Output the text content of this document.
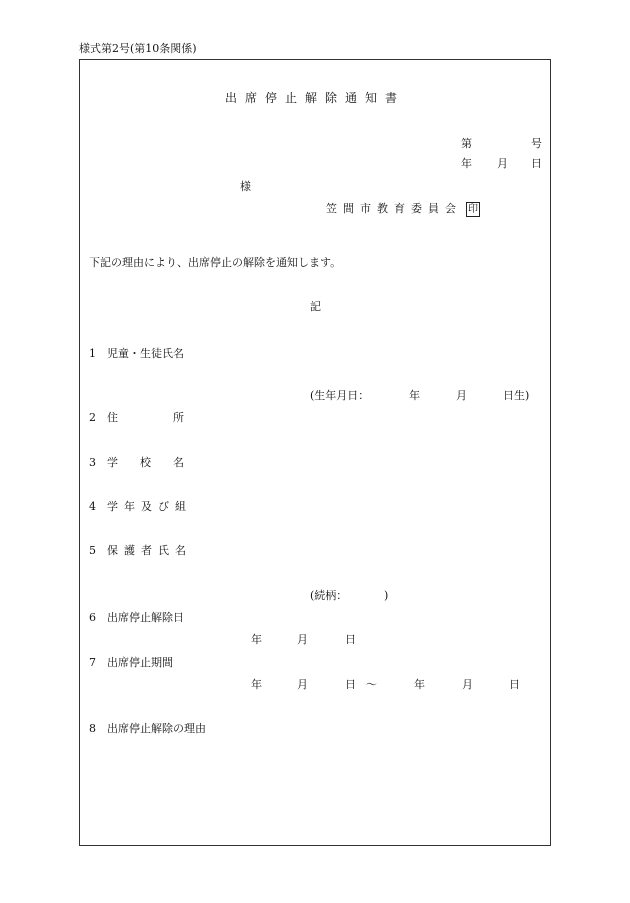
様式第2号(第10条関係)
出席停止解除通知書
第	号
年 月 日
様
笠間市教育委員会 印
下記の理由により、出席停止の解除を通知します。
記
1 児童・生徒氏名
(生年月日：	年	月	日生)
2 住　　　　　所
3 学　　校　　名
4 学年及び組
5 保護者氏名
(続柄：	)
6 出席停止解除日
年	月	日
7 出席停止期間
年	月	日 ～	年	月	日
8 出席停止解除の理由
